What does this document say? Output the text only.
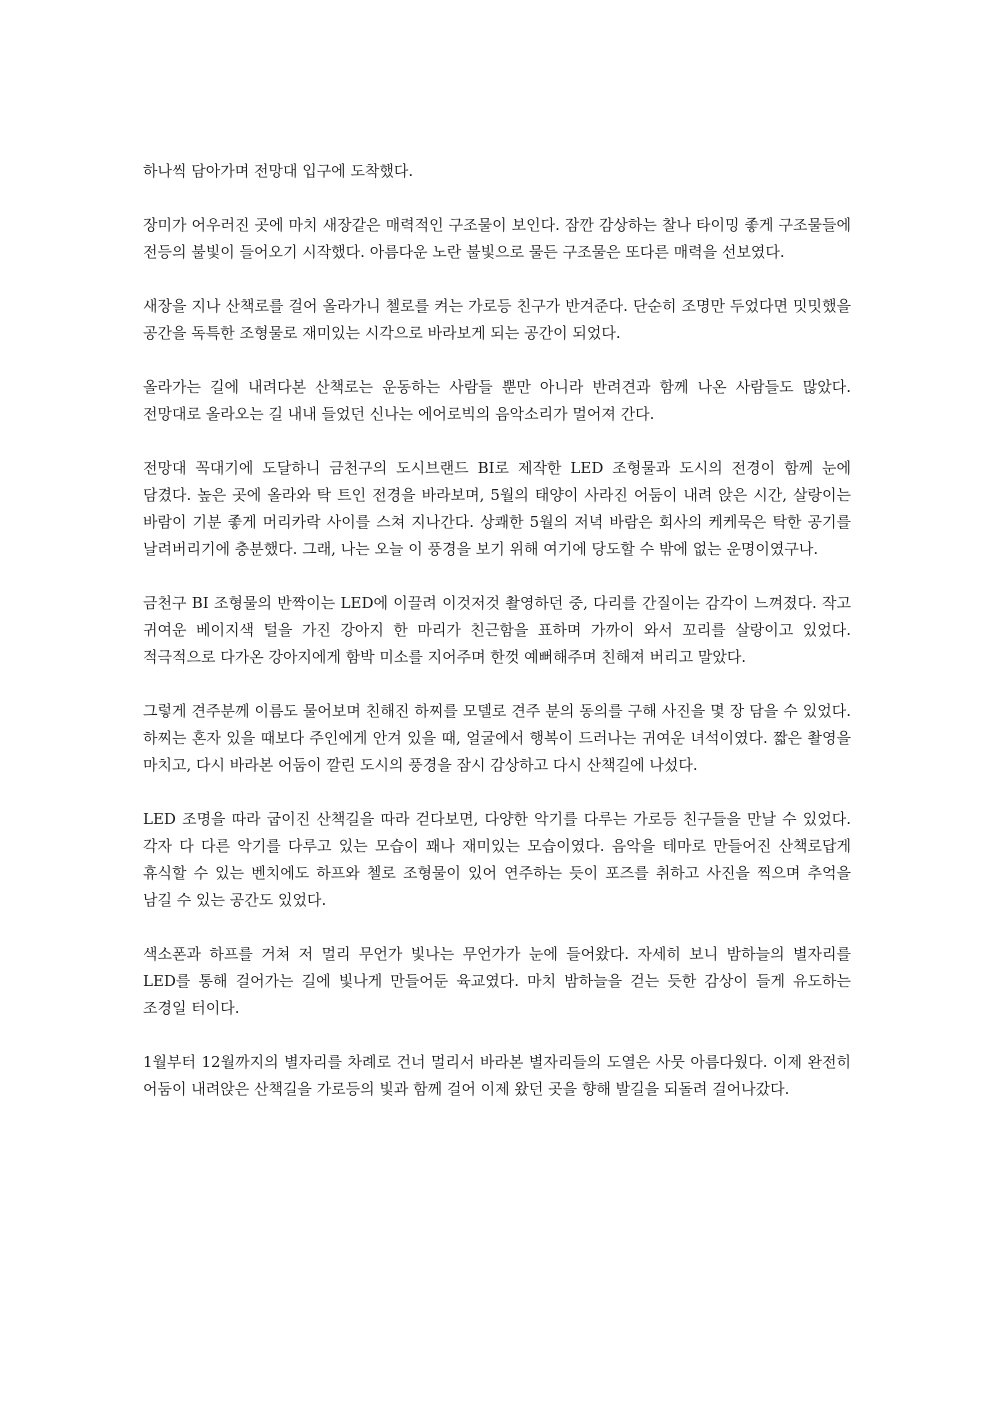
하나씩 담아가며 전망대 입구에 도착했다.

장미가 어우러진 곳에 마치 새장같은 매력적인 구조물이 보인다. 잠깐 감상하는 찰나 타이밍 좋게 구조물들에 전등의 불빛이 들어오기 시작했다. 아름다운 노란 불빛으로 물든 구조물은 또다른 매력을 선보였다.

새장을 지나 산책로를 걸어 올라가니 첼로를 켜는 가로등 친구가 반겨준다. 단순히 조명만 두었다면 밋밋했을 공간을 독특한 조형물로 재미있는 시각으로 바라보게 되는 공간이 되었다.

올라가는 길에 내려다본 산책로는 운동하는 사람들 뿐만 아니라 반려견과 함께 나온 사람들도 많았다. 전망대로 올라오는 길 내내 들었던 신나는 에어로빅의 음악소리가 멀어져 간다.

전망대 꼭대기에 도달하니 금천구의 도시브랜드 BI로 제작한 LED 조형물과 도시의 전경이 함께 눈에 담겼다. 높은 곳에 올라와 탁 트인 전경을 바라보며, 5월의 태양이 사라진 어둠이 내려 앉은 시간, 살랑이는 바람이 기분 좋게 머리카락 사이를 스쳐 지나간다. 상쾌한 5월의 저녁 바람은 회사의 케케묵은 탁한 공기를 날려버리기에 충분했다. 그래, 나는 오늘 이 풍경을 보기 위해 여기에 당도할 수 밖에 없는 운명이였구나.

금천구 BI 조형물의 반짝이는 LED에 이끌려 이것저것 촬영하던 중, 다리를 간질이는 감각이 느껴졌다. 작고 귀여운 베이지색 털을 가진 강아지 한 마리가 친근함을 표하며 가까이 와서 꼬리를 살랑이고 있었다. 적극적으로 다가온 강아지에게 함박 미소를 지어주며 한껏 예뻐해주며 친해져 버리고 말았다.

그렇게 견주분께 이름도 물어보며 친해진 하찌를 모델로 견주 분의 동의를 구해 사진을 몇 장 담을 수 있었다. 하찌는 혼자 있을 때보다 주인에게 안겨 있을 때, 얼굴에서 행복이 드러나는 귀여운 녀석이였다. 짧은 촬영을 마치고, 다시 바라본 어둠이 깔린 도시의 풍경을 잠시 감상하고 다시 산책길에 나섰다.

LED 조명을 따라 굽이진 산책길을 따라 걷다보면, 다양한 악기를 다루는 가로등 친구들을 만날 수 있었다. 각자 다 다른 악기를 다루고 있는 모습이 꽤나 재미있는 모습이였다. 음악을 테마로 만들어진 산책로답게 휴식할 수 있는 벤치에도 하프와 첼로 조형물이 있어 연주하는 듯이 포즈를 취하고 사진을 찍으며 추억을 남길 수 있는 공간도 있었다.

색소폰과 하프를 거쳐 저 멀리 무언가 빛나는 무언가가 눈에 들어왔다. 자세히 보니 밤하늘의 별자리를 LED를 통해 걸어가는 길에 빛나게 만들어둔 육교였다. 마치 밤하늘을 걷는 듯한 감상이 들게 유도하는 조경일 터이다.

1월부터 12월까지의 별자리를 차례로 건너 멀리서 바라본 별자리들의 도열은 사뭇 아름다웠다. 이제 완전히 어둠이 내려앉은 산책길을 가로등의 빛과 함께 걸어 이제 왔던 곳을 향해 발길을 되돌려 걸어나갔다.
